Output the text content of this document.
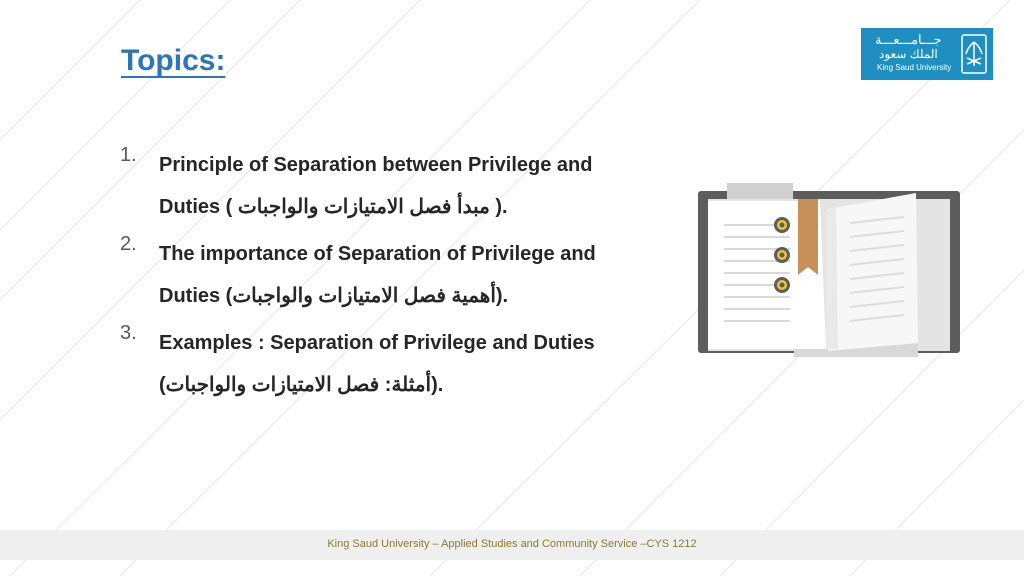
Topics:
جـــامـــعـــة
الملك سعود
King Saud University
1. Principle of Separation between Privilege and
Duties ( مبدأ فصل الامتيازات والواجبات ).
2. The importance of Separation of Privilege and
Duties (أهمية فصل الامتيازات والواجبات).
3. Examples : Separation of Privilege and Duties
(أمثلة: فصل الامتيازات والواجبات).
King Saud University – Applied Studies and Community Service –CYS 1212
